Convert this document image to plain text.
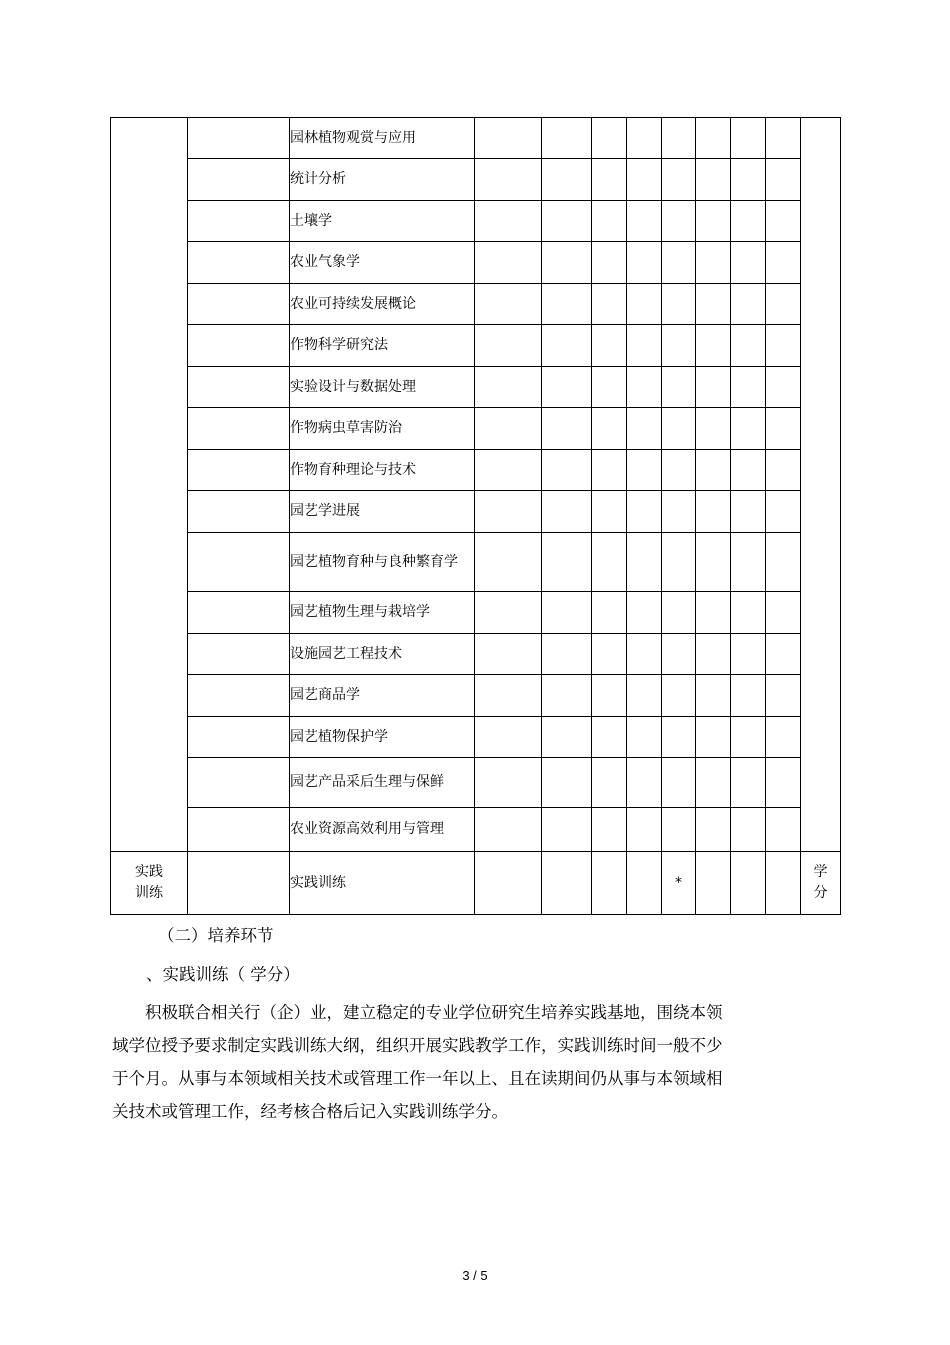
		园林植物观赏与应用									
		统计分析									
		土壤学									
		农业气象学									
		农业可持续发展概论									
		作物科学研究法									
		实验设计与数据处理									
		作物病虫草害防治									
		作物育种理论与技术									
		园艺学进展									
		园艺植物育种与良种繁育学									
		园艺植物生理与栽培学									
		设施园艺工程技术									
		园艺商品学									
		园艺植物保护学									
		园艺产品采后生理与保鲜									
		农业资源高效利用与管理									
实践训练		实践训练					*				学分
（二）培养环节
、实践训练（ 学分）
积极联合相关行（企）业，建立稳定的专业学位研究生培养实践基地，围绕本领
域学位授予要求制定实践训练大纲，组织开展实践教学工作，实践训练时间一般不少
于个月。从事与本领域相关技术或管理工作一年以上、且在读期间仍从事与本领域相
关技术或管理工作，经考核合格后记入实践训练学分。
3 / 5
